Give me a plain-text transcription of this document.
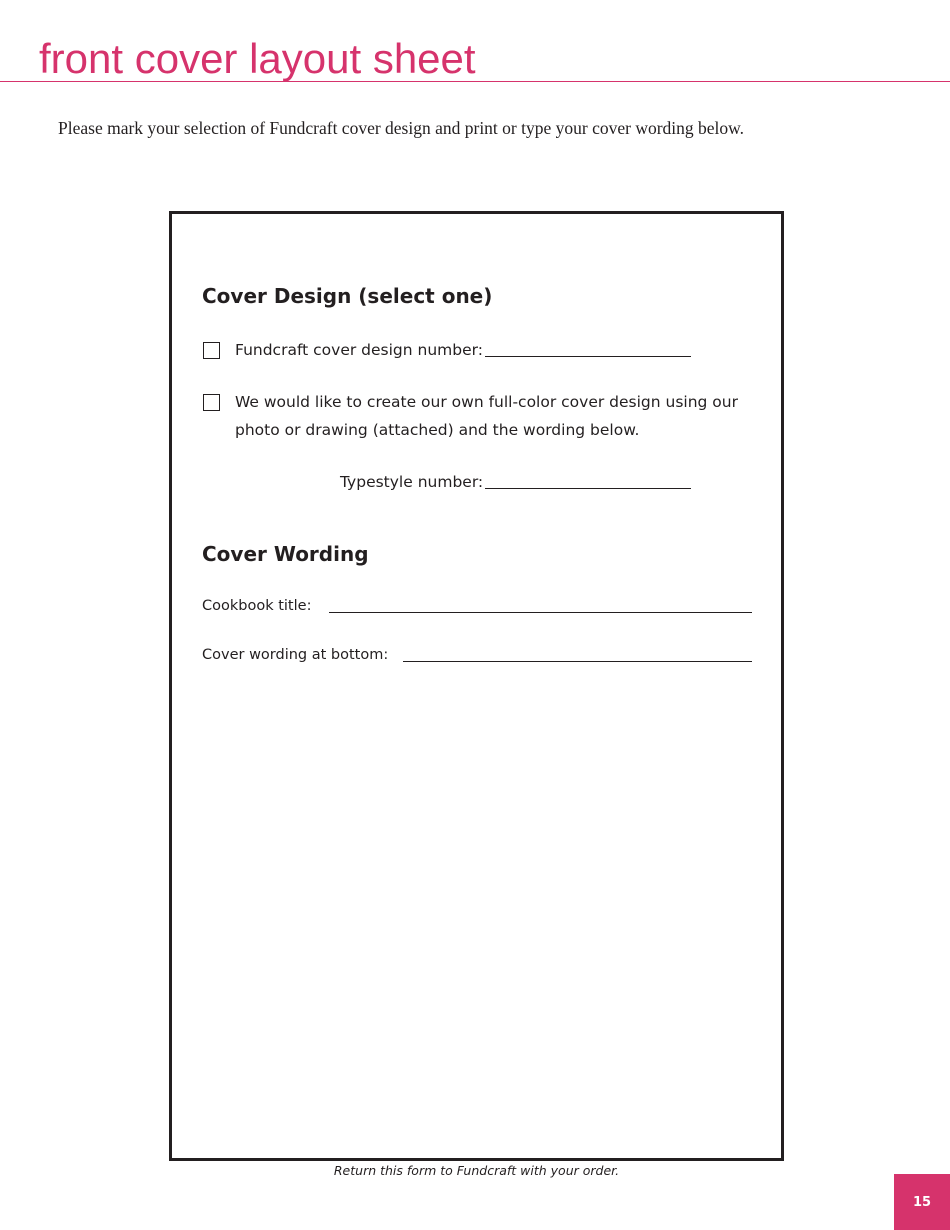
front cover layout sheet

Please mark your selection of Fundcraft cover design and print or type your cover wording below.

Cover Design (select one)
Fundcraft cover design number:
We would like to create our own full-color cover design using our
photo or drawing (attached) and the wording below.
Typestyle number:
Cover Wording
Cookbook title:
Cover wording at bottom:

Return this form to Fundcraft with your order.

15
